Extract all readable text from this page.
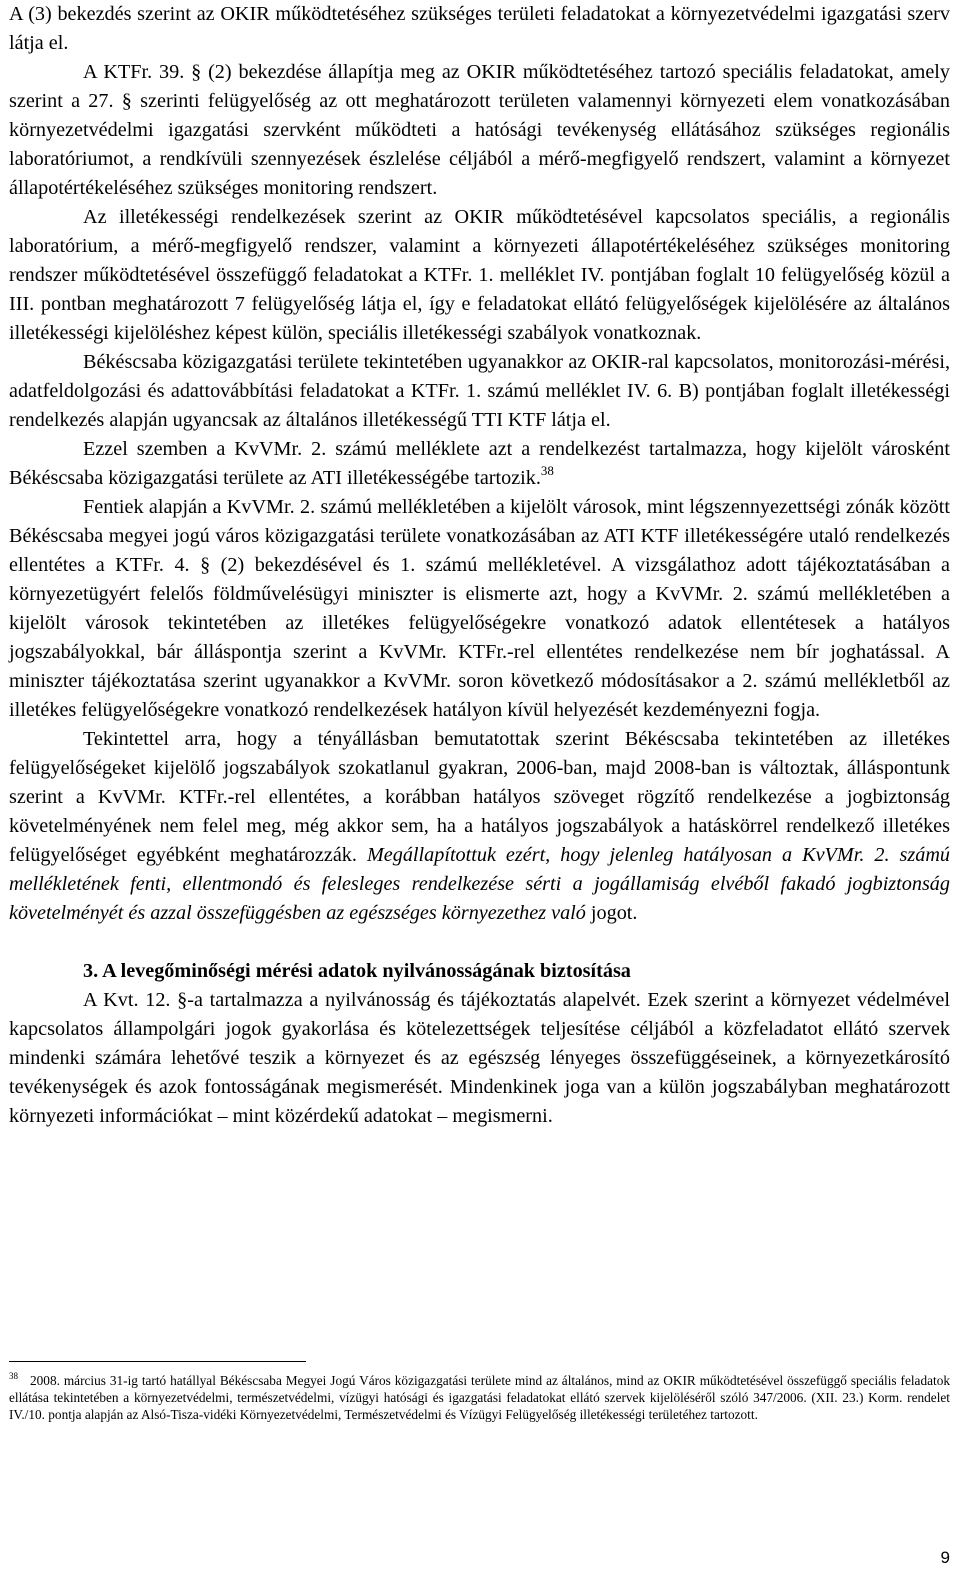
A (3) bekezdés szerint az OKIR működtetéséhez szükséges területi feladatokat a környezetvédelmi igazgatási szerv látja el.

A KTFr. 39. § (2) bekezdése állapítja meg az OKIR működtetéséhez tartozó speciális feladatokat, amely szerint a 27. § szerinti felügyelőség az ott meghatározott területen valamennyi környezeti elem vonatkozásában környezetvédelmi igazgatási szervként működteti a hatósági tevékenység ellátásához szükséges regionális laboratóriumot, a rendkívüli szennyezések észlelése céljából a mérő-megfigyelő rendszert, valamint a környezet állapotértékeléséhez szükséges monitoring rendszert.

Az illetékességi rendelkezések szerint az OKIR működtetésével kapcsolatos speciális, a regionális laboratórium, a mérő-megfigyelő rendszer, valamint a környezeti állapotértékeléséhez szükséges monitoring rendszer működtetésével összefüggő feladatokat a KTFr. 1. melléklet IV. pontjában foglalt 10 felügyelőség közül a III. pontban meghatározott 7 felügyelőség látja el, így e feladatokat ellátó felügyelőségek kijelölésére az általános illetékességi kijelöléshez képest külön, speciális illetékességi szabályok vonatkoznak.

Békéscsaba közigazgatási területe tekintetében ugyanakkor az OKIR-ral kapcsolatos, monitorozási-mérési, adatfeldolgozási és adattovábbítási feladatokat a KTFr. 1. számú melléklet IV. 6. B) pontjában foglalt illetékességi rendelkezés alapján ugyancsak az általános illetékességű TTI KTF látja el.

Ezzel szemben a KvVMr. 2. számú melléklete azt a rendelkezést tartalmazza, hogy kijelölt városként Békéscsaba közigazgatási területe az ATI illetékességébe tartozik.$^{38}$

Fentiek alapján a KvVMr. 2. számú mellékletében a kijelölt városok, mint légszennyezettségi zónák között Békéscsaba megyei jogú város közigazgatási területe vonatkozásában az ATI KTF illetékességére utaló rendelkezés ellentétes a KTFr. 4. § (2) bekezdésével és 1. számú mellékletével. A vizsgálathoz adott tájékoztatásában a környezetügyért felelős földművelésügyi miniszter is elismerte azt, hogy a KvVMr. 2. számú mellékletében a kijelölt városok tekintetében az illetékes felügyelőségekre vonatkozó adatok ellentétesek a hatályos jogszabályokkal, bár álláspontja szerint a KvVMr. KTFr.-rel ellentétes rendelkezése nem bír joghatással. A miniszter tájékoztatása szerint ugyanakkor a KvVMr. soron következő módosításakor a 2. számú mellékletből az illetékes felügyelőségekre vonatkozó rendelkezések hatályon kívül helyezését kezdeményezni fogja.

Tekintettel arra, hogy a tényállásban bemutatottak szerint Békéscsaba tekintetében az illetékes felügyelőségeket kijelölő jogszabályok szokatlanul gyakran, 2006-ban, majd 2008-ban is változtak, álláspontunk szerint a KvVMr. KTFr.-rel ellentétes, a korábban hatályos szöveget rögzítő rendelkezése a jogbiztonság követelményének nem felel meg, még akkor sem, ha a hatályos jogszabályok a hatáskörrel rendelkező illetékes felügyelőséget egyébként meghatározzák. Megállapítottuk ezért, hogy jelenleg hatályosan a KvVMr. 2. számú mellékletének fenti, ellentmondó és felesleges rendelkezése sérti a jogállamiság elvéből fakadó jogbiztonság követelményét és azzal összefüggésben az egészséges környezethez való jogot.

3. A levegőminőségi mérési adatok nyilvánosságának biztosítása

A Kvt. 12. §-a tartalmazza a nyilvánosság és tájékoztatás alapelvét. Ezek szerint a környezet védelmével kapcsolatos állampolgári jogok gyakorlása és kötelezettségek teljesítése céljából a közfeladatot ellátó szervek mindenki számára lehetővé teszik a környezet és az egészség lényeges összefüggéseinek, a környezetkárosító tevékenységek és azok fontosságának megismerését. Mindenkinek joga van a külön jogszabályban meghatározott környezeti információkat – mint közérdekű adatokat – megismerni.

$^{38}$ 2008. március 31-ig tartó hatállyal Békéscsaba Megyei Jogú Város közigazgatási területe mind az általános, mind az OKIR működtetésével összefüggő speciális feladatok ellátása tekintetében a környezetvédelmi, természetvédelmi, vízügyi hatósági és igazgatási feladatokat ellátó szervek kijelöléséről szóló 347/2006. (XII. 23.) Korm. rendelet IV./10. pontja alapján az Alsó-Tisza-vidéki Környezetvédelmi, Természetvédelmi és Vízügyi Felügyelőség illetékességi területéhez tartozott.

9
